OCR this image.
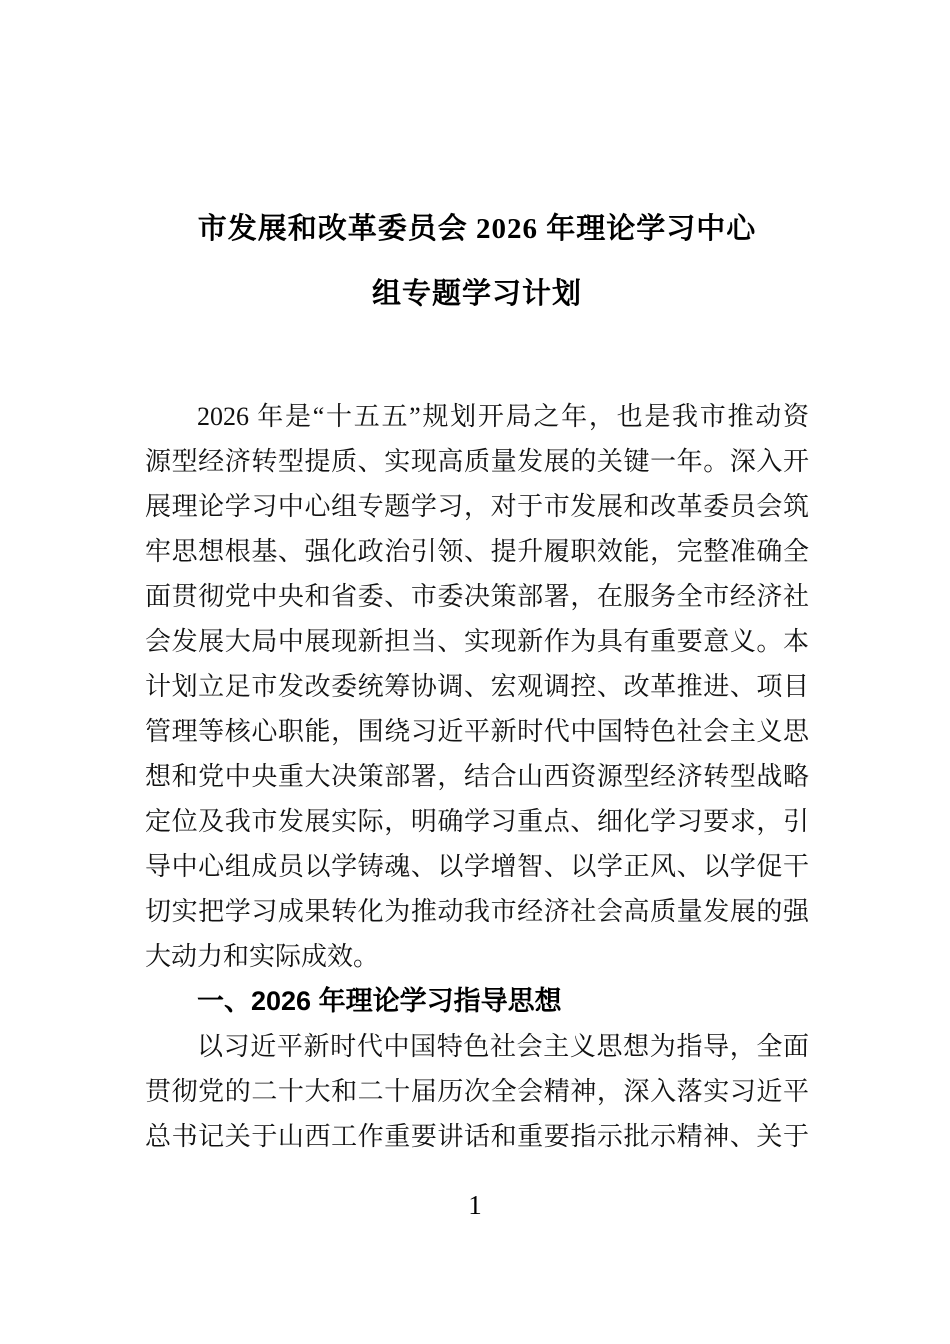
市发展和改革委员会 2026 年理论学习中心
组专题学习计划
2026 年是“十五五”规划开局之年，也是我市推动资
源型经济转型提质、实现高质量发展的关键一年。深入开
展理论学习中心组专题学习，对于市发展和改革委员会筑
牢思想根基、强化政治引领、提升履职效能，完整准确全
面贯彻党中央和省委、市委决策部署，在服务全市经济社
会发展大局中展现新担当、实现新作为具有重要意义。本
计划立足市发改委统筹协调、宏观调控、改革推进、项目
管理等核心职能，围绕习近平新时代中国特色社会主义思
想和党中央重大决策部署，结合山西资源型经济转型战略
定位及我市发展实际，明确学习重点、细化学习要求，引
导中心组成员以学铸魂、以学增智、以学正风、以学促干
切实把学习成果转化为推动我市经济社会高质量发展的强
大动力和实际成效。
一、2026 年理论学习指导思想
以习近平新时代中国特色社会主义思想为指导，全面
贯彻党的二十大和二十届历次全会精神，深入落实习近平
总书记关于山西工作重要讲话和重要指示批示精神、关于
1
